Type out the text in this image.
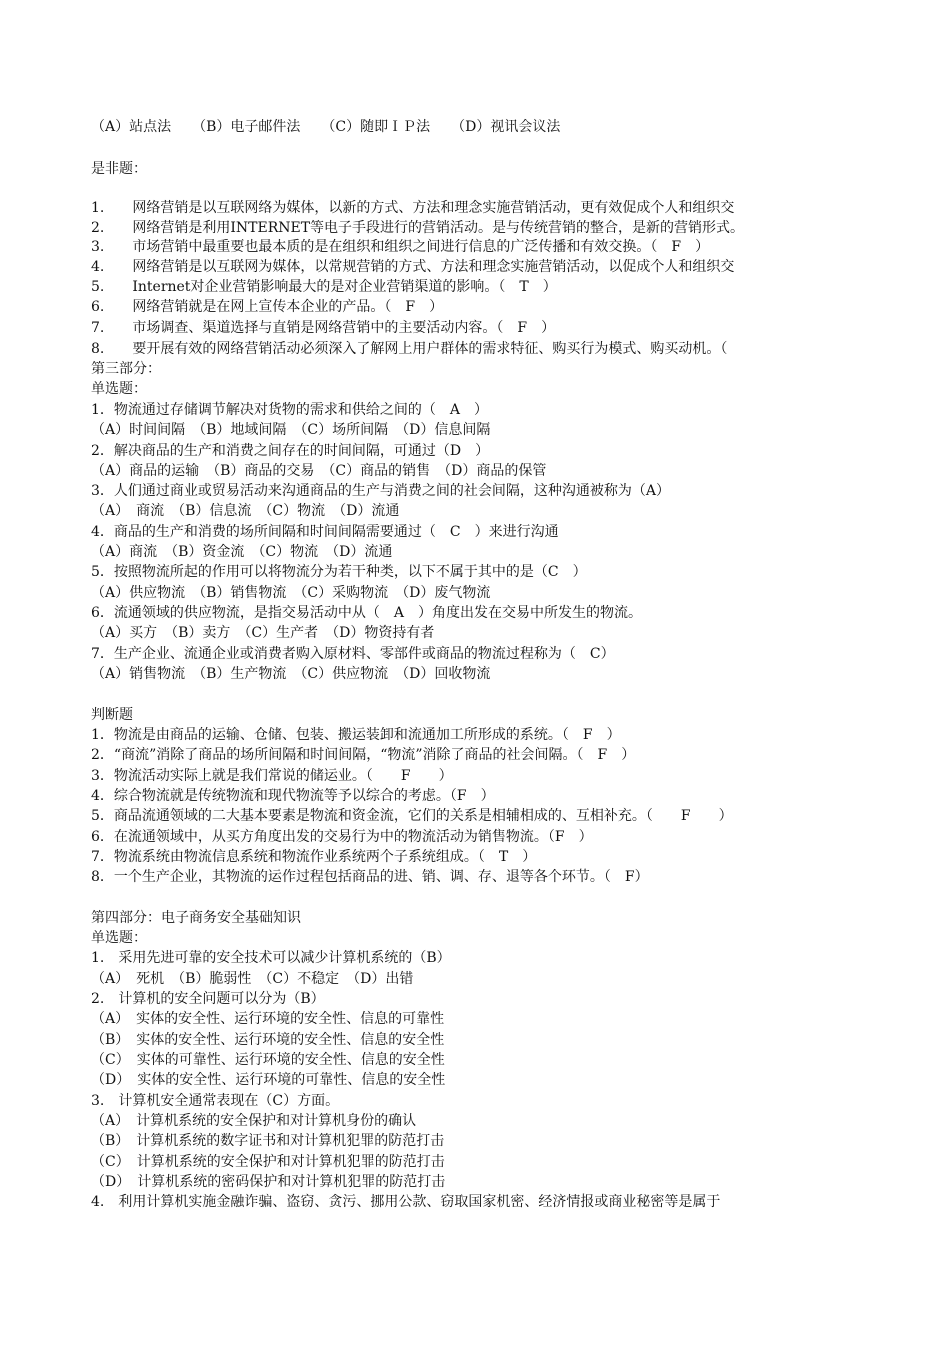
（A）站点法　　（B）电子邮件法　　（C）随即ＩＰ法　　（D）视讯会议法
是非题：
1.　　网络营销是以互联网络为媒体，以新的方式、方法和理念实施营销活动，更有效促成个人和组织交
2.　　网络营销是利用INTERNET等电子手段进行的营销活动。是与传统营销的整合，是新的营销形式。
3.　　市场营销中最重要也最本质的是在组织和组织之间进行信息的广泛传播和有效交换。（　F　）
4.　　网络营销是以互联网为媒体，以常规营销的方式、方法和理念实施营销活动，以促成个人和组织交
5.　　Internet对企业营销影响最大的是对企业营销渠道的影响。（　T　）
6.　　网络营销就是在网上宣传本企业的产品。（　F　）
7.　　市场调查、渠道选择与直销是网络营销中的主要活动内容。（　F　）
8.　　要开展有效的网络营销活动必须深入了解网上用户群体的需求特征、购买行为模式、购买动机。（
第三部分：
单选题：
1．物流通过存储调节解决对货物的需求和供给之间的（　A　）
（A）时间间隔　（B）地域间隔　（C）场所间隔　（D）信息间隔
2．解决商品的生产和消费之间存在的时间间隔，可通过（D　）
（A）商品的运输　（B）商品的交易　（C）商品的销售　（D）商品的保管
3．人们通过商业或贸易活动来沟通商品的生产与消费之间的社会间隔，这种沟通被称为（A）
（A）　商流　（B）信息流　（C）物流　（D）流通
4．商品的生产和消费的场所间隔和时间间隔需要通过（　C　）来进行沟通
（A）商流　（B）资金流　（C）物流　（D）流通
5．按照物流所起的作用可以将物流分为若干种类，以下不属于其中的是（C　）
（A）供应物流　（B）销售物流　（C）采购物流　（D）废气物流
6．流通领域的供应物流，是指交易活动中从（　A　）角度出发在交易中所发生的物流。
（A）买方　（B）卖方　（C）生产者　（D）物资持有者
7．生产企业、流通企业或消费者购入原材料、零部件或商品的物流过程称为（　C）
（A）销售物流　（B）生产物流　（C）供应物流　（D）回收物流
判断题
1．物流是由商品的运输、仓储、包装、搬运装卸和流通加工所形成的系统。（　F　）
2．“商流”消除了商品的场所间隔和时间间隔，“物流”消除了商品的社会间隔。（　F　）
3．物流活动实际上就是我们常说的储运业。（　　F　　）
4．综合物流就是传统物流和现代物流等予以综合的考虑。（F　）
5．商品流通领域的二大基本要素是物流和资金流，它们的关系是相辅相成的、互相补充。（　　F　　）
6．在流通领域中，从买方角度出发的交易行为中的物流活动为销售物流。（F　）
7．物流系统由物流信息系统和物流作业系统两个子系统组成。（　T　）
8．一个生产企业，其物流的运作过程包括商品的进、销、调、存、退等各个环节。（　F）
第四部分：电子商务安全基础知识
单选题：
1.　采用先进可靠的安全技术可以减少计算机系统的（B）
（A）　死机　（B）脆弱性　（C）不稳定　（D）出错
2.　计算机的安全问题可以分为（B）
（A）　实体的安全性、运行环境的安全性、信息的可靠性
（B）　实体的安全性、运行环境的安全性、信息的安全性
（C）　实体的可靠性、运行环境的安全性、信息的安全性
（D）　实体的安全性、运行环境的可靠性、信息的安全性
3.　计算机安全通常表现在（C）方面。
（A）　计算机系统的安全保护和对计算机身份的确认
（B）　计算机系统的数字证书和对计算机犯罪的防范打击
（C）　计算机系统的安全保护和对计算机犯罪的防范打击
（D）　计算机系统的密码保护和对计算机犯罪的防范打击
4.　利用计算机实施金融诈骗、盗窃、贪污、挪用公款、窃取国家机密、经济情报或商业秘密等是属于
